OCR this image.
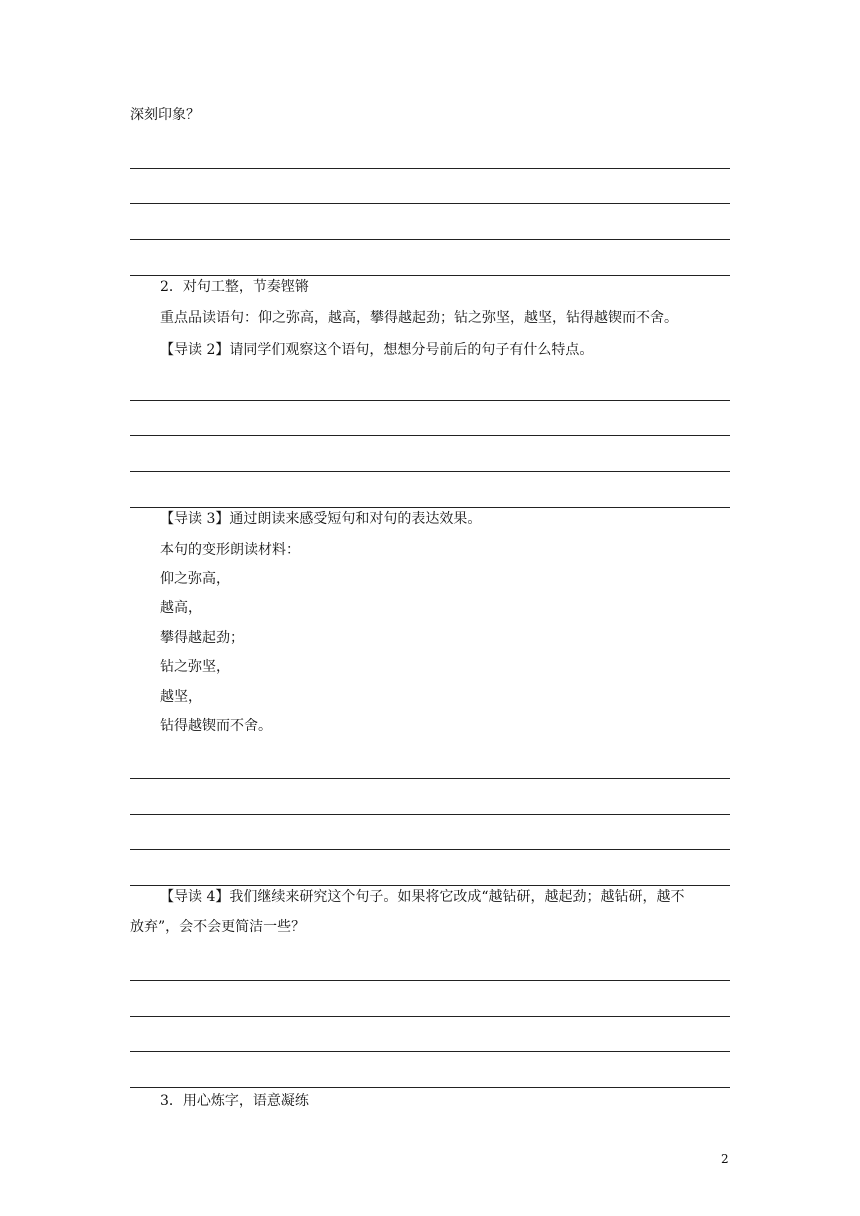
深刻印象？
2．对句工整，节奏铿锵
重点品读语句：仰之弥高，越高，攀得越起劲；钻之弥坚，越坚，钻得越锲而不舍。
【导读 2】请同学们观察这个语句，想想分号前后的句子有什么特点。
【导读 3】通过朗读来感受短句和对句的表达效果。
本句的变形朗读材料：
仰之弥高，
越高，
攀得越起劲；
钻之弥坚，
越坚，
钻得越锲而不舍。
【导读 4】我们继续来研究这个句子。如果将它改成“越钻研，越起劲；越钻研，越不
放弃”，会不会更简洁一些？
3．用心炼字，语意凝练
2
